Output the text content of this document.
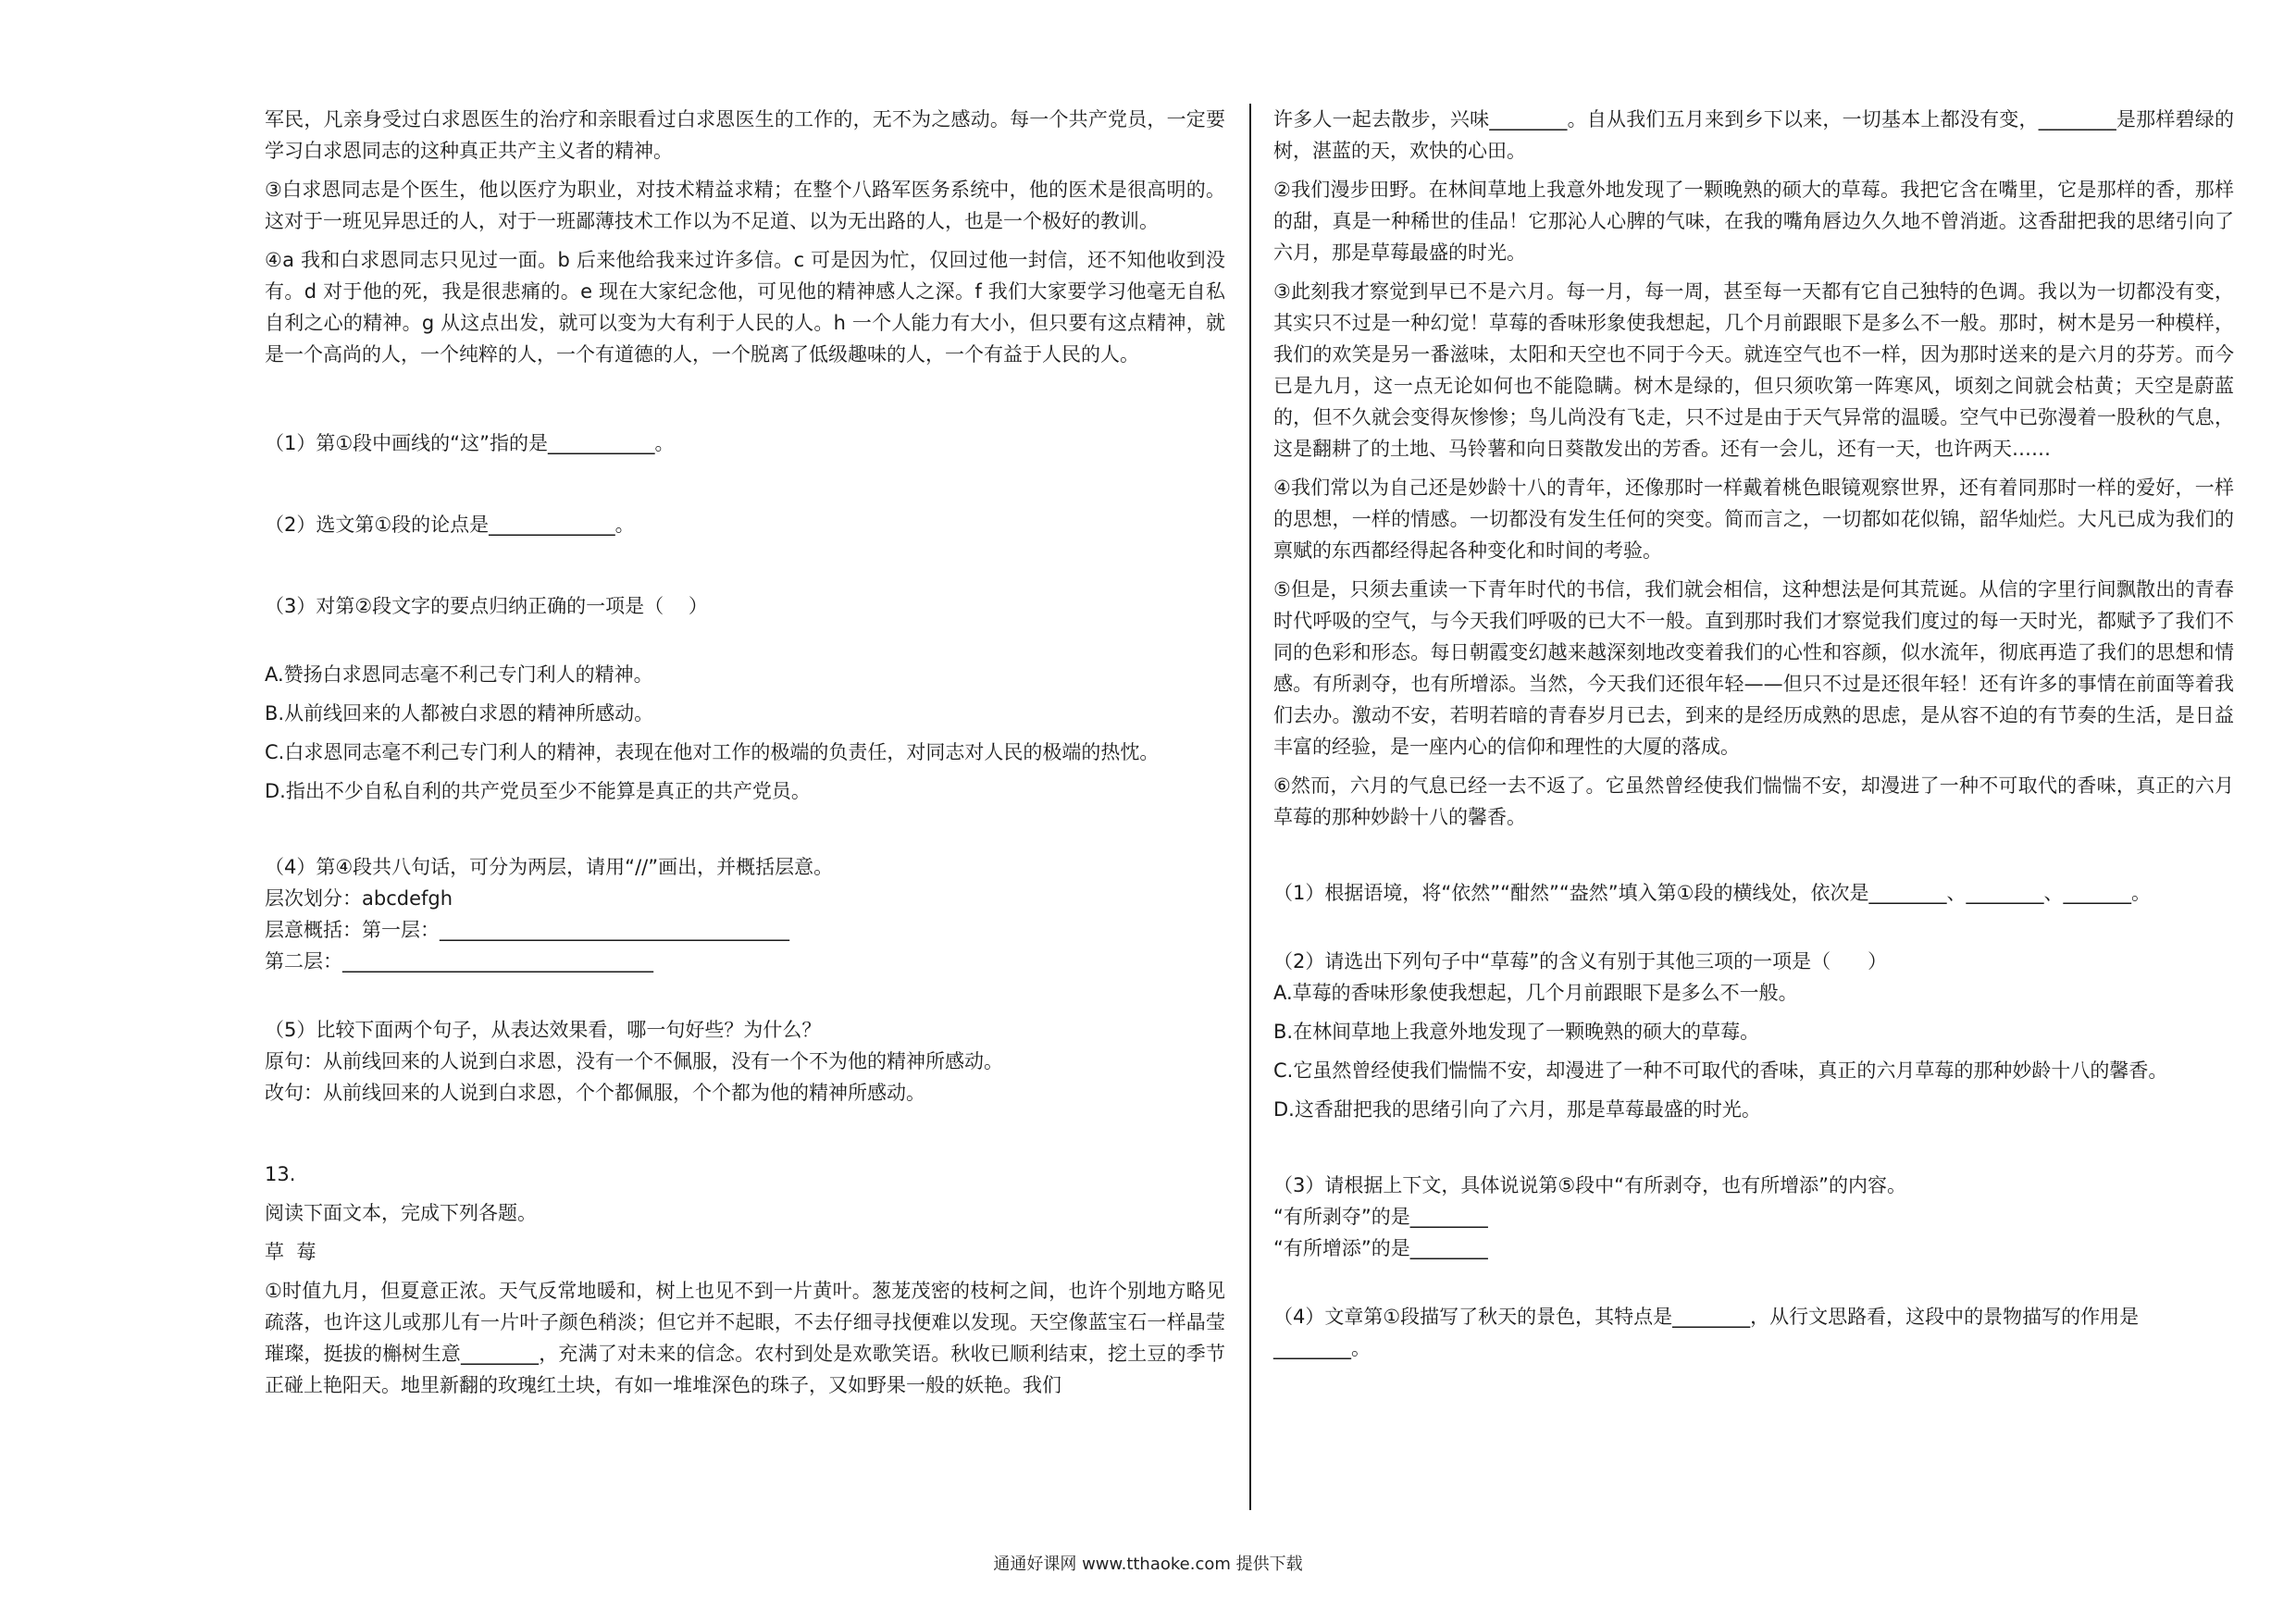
军民，凡亲身受过白求恩医生的治疗和亲眼看过白求恩医生的工作的，无不为之感动。每一个共产党员，一定要学习白求恩同志的这种真正共产主义者的精神。

③白求恩同志是个医生，他以医疗为职业，对技术精益求精；在整个八路军医务系统中，他的医术是很高明的。这对于一班见异思迁的人，对于一班鄙薄技术工作以为不足道、以为无出路的人，也是一个极好的教训。

④a 我和白求恩同志只见过一面。b 后来他给我来过许多信。c 可是因为忙，仅回过他一封信，还不知他收到没有。d 对于他的死，我是很悲痛的。e 现在大家纪念他，可见他的精神感人之深。f 我们大家要学习他毫无自私自利之心的精神。g 从这点出发，就可以变为大有利于人民的人。h 一个人能力有大小，但只要有这点精神，就是一个高尚的人，一个纯粹的人，一个有道德的人，一个脱离了低级趣味的人，一个有益于人民的人。

（1）第①段中画线的“这”指的是___________。

（2）选文第①段的论点是_____________。

（3）对第②段文字的要点归纳正确的一项是（    ）

A.赞扬白求恩同志毫不利己专门利人的精神。

B.从前线回来的人都被白求恩的精神所感动。

C.白求恩同志毫不利己专门利人的精神，表现在他对工作的极端的负责任，对同志对人民的极端的热忱。

D.指出不少自私自利的共产党员至少不能算是真正的共产党员。

（4）第④段共八句话，可分为两层，请用“//”画出，并概括层意。

层次划分：abcdefgh

层意概括：第一层：____________________________________

第二层：________________________________

（5）比较下面两个句子，从表达效果看，哪一句好些？为什么？

原句：从前线回来的人说到白求恩，没有一个不佩服，没有一个不为他的精神所感动。

改句：从前线回来的人说到白求恩，个个都佩服，个个都为他的精神所感动。

13.

阅读下面文本，完成下列各题。

草  莓

①时值九月，但夏意正浓。天气反常地暖和，树上也见不到一片黄叶。葱茏茂密的枝柯之间，也许个别地方略见疏落，也许这儿或那儿有一片叶子颜色稍淡；但它并不起眼，不去仔细寻找便难以发现。天空像蓝宝石一样晶莹璀璨，挺拔的槲树生意________，充满了对未来的信念。农村到处是欢歌笑语。秋收已顺利结束，挖土豆的季节正碰上艳阳天。地里新翻的玫瑰红土块，有如一堆堆深色的珠子，又如野果一般的妖艳。我们

许多人一起去散步，兴味________。自从我们五月来到乡下以来，一切基本上都没有变，________是那样碧绿的树，湛蓝的天，欢快的心田。

②我们漫步田野。在林间草地上我意外地发现了一颗晚熟的硕大的草莓。我把它含在嘴里，它是那样的香，那样的甜，真是一种稀世的佳品！它那沁人心脾的气味，在我的嘴角唇边久久地不曾消逝。这香甜把我的思绪引向了六月，那是草莓最盛的时光。

③此刻我才察觉到早已不是六月。每一月，每一周，甚至每一天都有它自己独特的色调。我以为一切都没有变，其实只不过是一种幻觉！草莓的香味形象使我想起，几个月前跟眼下是多么不一般。那时，树木是另一种模样，我们的欢笑是另一番滋味，太阳和天空也不同于今天。就连空气也不一样，因为那时送来的是六月的芬芳。而今已是九月，这一点无论如何也不能隐瞒。树木是绿的，但只须吹第一阵寒风，顷刻之间就会枯黄；天空是蔚蓝的，但不久就会变得灰惨惨；鸟儿尚没有飞走，只不过是由于天气异常的温暖。空气中已弥漫着一股秋的气息，这是翻耕了的土地、马铃薯和向日葵散发出的芳香。还有一会儿，还有一天，也许两天……

④我们常以为自己还是妙龄十八的青年，还像那时一样戴着桃色眼镜观察世界，还有着同那时一样的爱好，一样的思想，一样的情感。一切都没有发生任何的突变。简而言之，一切都如花似锦，韶华灿烂。大凡已成为我们的禀赋的东西都经得起各种变化和时间的考验。

⑤但是，只须去重读一下青年时代的书信，我们就会相信，这种想法是何其荒诞。从信的字里行间飘散出的青春时代呼吸的空气，与今天我们呼吸的已大不一般。直到那时我们才察觉我们度过的每一天时光，都赋予了我们不同的色彩和形态。每日朝霞变幻越来越深刻地改变着我们的心性和容颜，似水流年，彻底再造了我们的思想和情感。有所剥夺，也有所增添。当然，今天我们还很年轻——但只不过是还很年轻！还有许多的事情在前面等着我们去办。激动不安，若明若暗的青春岁月已去，到来的是经历成熟的思虑，是从容不迫的有节奏的生活，是日益丰富的经验，是一座内心的信仰和理性的大厦的落成。

⑥然而，六月的气息已经一去不返了。它虽然曾经使我们惴惴不安，却漫进了一种不可取代的香味，真正的六月草莓的那种妙龄十八的馨香。

（1）根据语境，将“依然”“酣然”“盎然”填入第①段的横线处，依次是________、________、_______。

（2）请选出下列句子中“草莓”的含义有别于其他三项的一项是（      ）

A.草莓的香味形象使我想起，几个月前跟眼下是多么不一般。

B.在林间草地上我意外地发现了一颗晚熟的硕大的草莓。

C.它虽然曾经使我们惴惴不安，却漫进了一种不可取代的香味，真正的六月草莓的那种妙龄十八的馨香。

D.这香甜把我的思绪引向了六月，那是草莓最盛的时光。

（3）请根据上下文，具体说说第⑤段中“有所剥夺，也有所增添”的内容。

“有所剥夺”的是________

“有所增添”的是________

（4）文章第①段描写了秋天的景色，其特点是________，从行文思路看，这段中的景物描写的作用是________。

通通好课网 www.tthaoke.com 提供下载
